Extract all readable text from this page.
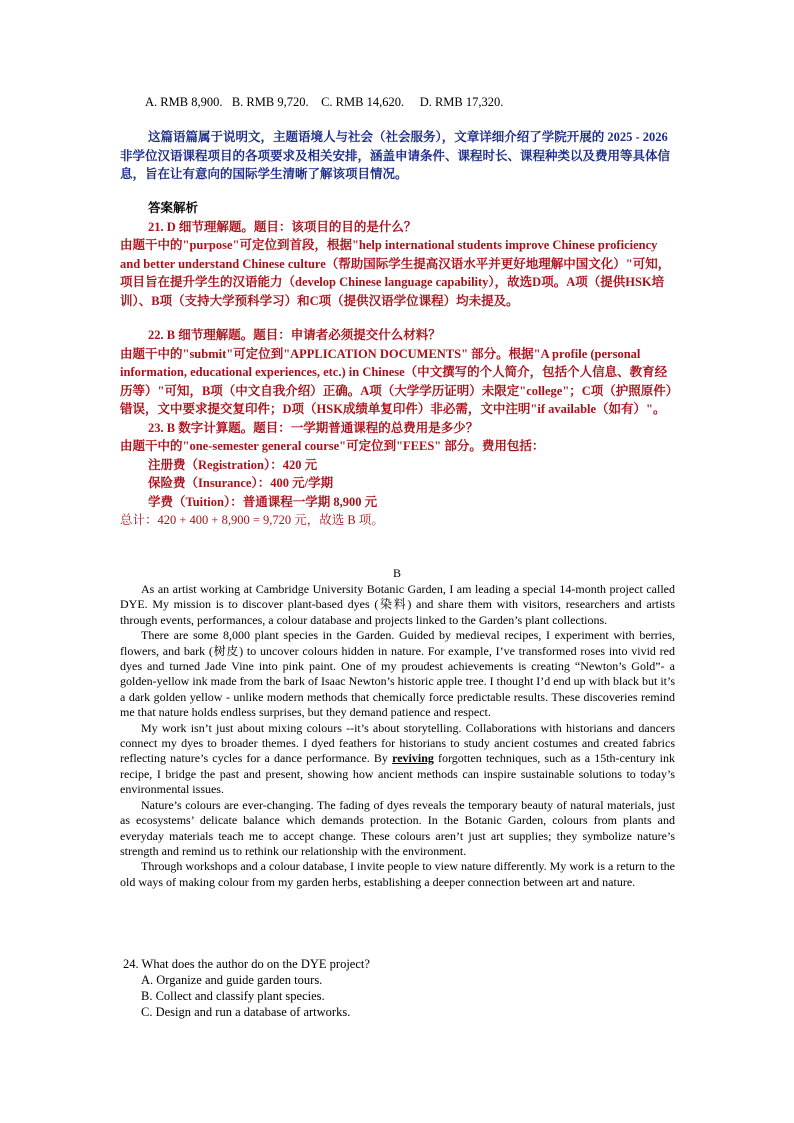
A. RMB 8,900.   B. RMB 9,720.    C. RMB 14,620.     D. RMB 17,320.

这篇语篇属于说明文，主题语境人与社会（社会服务），文章详细介绍了学院开展的 2025 - 2026 非学位汉语课程项目的各项要求及相关安排，涵盖申请条件、课程时长、课程种类以及费用等具体信息，旨在让有意向的国际学生清晰了解该项目情况。

答案解析

21. D 细节理解题。题目：该项目的目的是什么？

由题干中的"purpose"可定位到首段，根据"help international students improve Chinese proficiency and better understand Chinese culture（帮助国际学生提高汉语水平并更好地理解中国文化）"可知，项目旨在提升学生的汉语能力（develop Chinese language capability），故选D项。A项（提供HSK培训）、B项（支持大学预科学习）和C项（提供汉语学位课程）均未提及。

22. B 细节理解题。题目：申请者必须提交什么材料？

由题干中的"submit"可定位到"APPLICATION DOCUMENTS" 部分。根据"A profile (personal information, educational experiences, etc.) in Chinese（中文撰写的个人简介，包括个人信息、教育经历等）"可知，B项（中文自我介绍）正确。A项（大学学历证明）未限定"college"；C项（护照原件）错误，文中要求提交复印件；D项（HSK成绩单复印件）非必需，文中注明"if available（如有）"。

23. B 数字计算题。题目：一学期普通课程的总费用是多少？

由题干中的"one-semester general course"可定位到"FEES" 部分。费用包括：

注册费（Registration）：420 元

保险费（Insurance）：400 元/学期

学费（Tuition）：普通课程一学期 8,900 元

总计：420 + 400 + 8,900 = 9,720 元，故选 B 项。

B

As an artist working at Cambridge University Botanic Garden, I am leading a special 14-month project called DYE. My mission is to discover plant-based dyes (染料) and share them with visitors, researchers and artists through events, performances, a colour database and projects linked to the Garden’s plant collections.

There are some 8,000 plant species in the Garden. Guided by medieval recipes, I experiment with berries, flowers, and bark (树皮) to uncover colours hidden in nature. For example, I’ve transformed roses into vivid red dyes and turned Jade Vine into pink paint. One of my proudest achievements is creating “Newton’s Gold”- a golden-yellow ink made from the bark of Isaac Newton’s historic apple tree. I thought I’d end up with black but it’s a dark golden yellow - unlike modern methods that chemically force predictable results. These discoveries remind me that nature holds endless surprises, but they demand patience and respect.

My work isn’t just about mixing colours --it’s about storytelling. Collaborations with historians and dancers connect my dyes to broader themes. I dyed feathers for historians to study ancient costumes and created fabrics reflecting nature’s cycles for a dance performance. By reviving forgotten techniques, such as a 15th-century ink recipe, I bridge the past and present, showing how ancient methods can inspire sustainable solutions to today’s environmental issues.

Nature’s colours are ever-changing. The fading of dyes reveals the temporary beauty of natural materials, just as ecosystems’ delicate balance which demands protection. In the Botanic Garden, colours from plants and everyday materials teach me to accept change. These colours aren’t just art supplies; they symbolize nature’s strength and remind us to rethink our relationship with the environment.

Through workshops and a colour database, I invite people to view nature differently. My work is a return to the old ways of making colour from my garden herbs, establishing a deeper connection between art and nature.

24. What does the author do on the DYE project?

A. Organize and guide garden tours.

B. Collect and classify plant species.

C. Design and run a database of artworks.
